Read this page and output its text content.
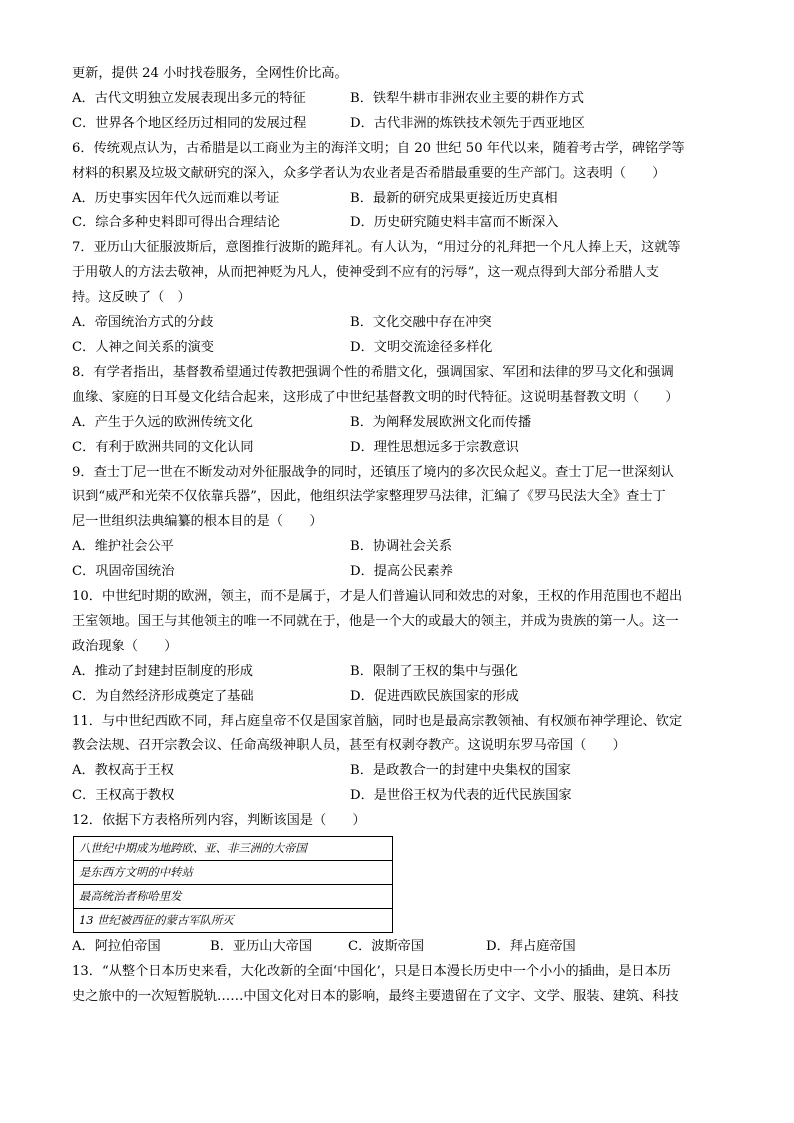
更新，提供 24 小时找卷服务，全网性价比高。
A．古代文明独立发展表现出多元的特征	B．铁犁牛耕市非洲农业主要的耕作方式
C．世界各个地区经历过相同的发展过程	D．古代非洲的炼铁技术领先于西亚地区
6．传统观点认为，古希腊是以工商业为主的海洋文明；自 20 世纪 50 年代以来，随着考古学，碑铭学等
材料的积累及垃圾文献研究的深入，众多学者认为农业者是否希腊最重要的生产部门。这表明（　　）
A．历史事实因年代久远而难以考证	B．最新的研究成果更接近历史真相
C．综合多种史料即可得出合理结论	D．历史研究随史料丰富而不断深入
7．亚历山大征服波斯后，意图推行波斯的跪拜礼。有人认为，“用过分的礼拜把一个凡人捧上天，这就等
于用敬人的方法去敬神，从而把神贬为凡人，使神受到不应有的污辱”，这一观点得到大部分希腊人支
持。这反映了（　）
A．帝国统治方式的分歧	B．文化交融中存在冲突
C．人神之间关系的演变	D．文明交流途径多样化
8．有学者指出，基督教希望通过传教把强调个性的希腊文化，强调国家、军团和法律的罗马文化和强调
血缘、家庭的日耳曼文化结合起来，这形成了中世纪基督教文明的时代特征。这说明基督教文明（　　）
A．产生于久远的欧洲传统文化	B．为阐释发展欧洲文化而传播
C．有利于欧洲共同的文化认同	D．理性思想远多于宗教意识
9．查士丁尼一世在不断发动对外征服战争的同时，还镇压了境内的多次民众起义。查士丁尼一世深刻认
识到“威严和光荣不仅依靠兵器”，因此，他组织法学家整理罗马法律，汇编了《罗马民法大全》查士丁
尼一世组织法典编纂的根本目的是（　　）
A．维护社会公平	B．协调社会关系
C．巩固帝国统治	D．提高公民素养
10．中世纪时期的欧洲，领主，而不是属于，才是人们普遍认同和效忠的对象，王权的作用范围也不超出
王室领地。国王与其他领主的唯一不同就在于，他是一个大的或最大的领主，并成为贵族的第一人。这一
政治现象（　　）
A．推动了封建封臣制度的形成	B．限制了王权的集中与强化
C．为自然经济形成奠定了基础	D．促进西欧民族国家的形成
11．与中世纪西欧不同，拜占庭皇帝不仅是国家首脑，同时也是最高宗教领袖、有权颁布神学理论、钦定
教会法规、召开宗教会议、任命高级神职人员，甚至有权剥夺教产。这说明东罗马帝国（　　）
A．教权高于王权	B．是政教合一的封建中央集权的国家
C．王权高于教权	D．是世俗王权为代表的近代民族国家
12．依据下方表格所列内容，判断该国是（　　）
八世纪中期成为地跨欧、亚、非三洲的大帝国
是东西方文明的中转站
最高统治者称哈里发
13 世纪被西征的蒙古军队所灭
A．阿拉伯帝国	B．亚历山大帝国	C．波斯帝国	D．拜占庭帝国
13．“从整个日本历史来看，大化改新的全面‘中国化’，只是日本漫长历史中一个小小的插曲，是日本历
史之旅中的一次短暂脱轨……中国文化对日本的影响，最终主要遗留在了文字、文学、服装、建筑、科技
